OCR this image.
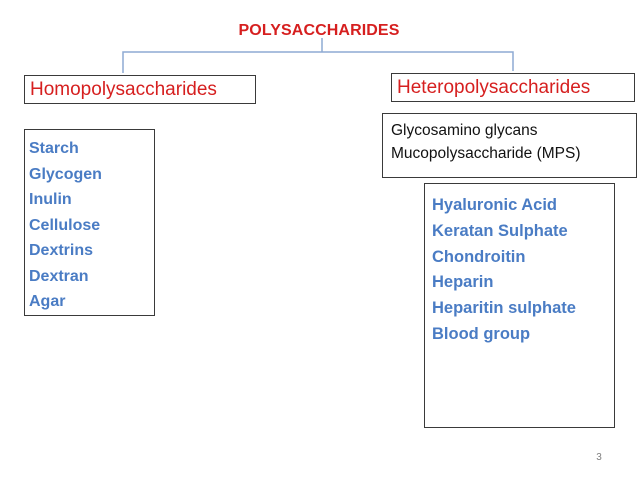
POLYSACCHARIDES
Homopolysaccharides	Heteropolysaccharides
Starch
Glycogen
Inulin
Cellulose
Dextrins
Dextran
Agar
Glycosamino glycans
Mucopolysaccharide (MPS)
Hyaluronic Acid
Keratan Sulphate
Chondroitin
Heparin
Heparitin sulphate
Blood group
3
